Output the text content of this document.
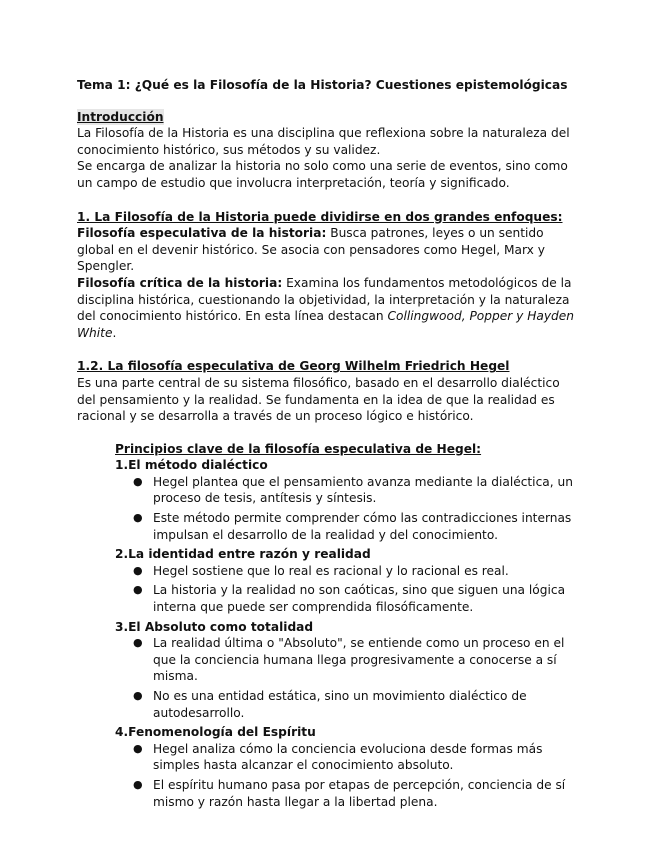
Tema 1: ¿Qué es la Filosofía de la Historia? Cuestiones epistemológicas

Introducción

La Filosofía de la Historia es una disciplina que reflexiona sobre la naturaleza del conocimiento histórico, sus métodos y su validez.

Se encarga de analizar la historia no solo como una serie de eventos, sino como un campo de estudio que involucra interpretación, teoría y significado.

1. La Filosofía de la Historia puede dividirse en dos grandes enfoques:

Filosofía especulativa de la historia: Busca patrones, leyes o un sentido global en el devenir histórico. Se asocia con pensadores como Hegel, Marx y Spengler.

Filosofía crítica de la historia: Examina los fundamentos metodológicos de la disciplina histórica, cuestionando la objetividad, la interpretación y la naturaleza del conocimiento histórico. En esta línea destacan Collingwood, Popper y Hayden White.

1.2. La filosofía especulativa de Georg Wilhelm Friedrich Hegel

Es una parte central de su sistema filosófico, basado en el desarrollo dialéctico del pensamiento y la realidad. Se fundamenta en la idea de que la realidad es racional y se desarrolla a través de un proceso lógico e histórico.

Principios clave de la filosofía especulativa de Hegel:

1.El método dialéctico

● Hegel plantea que el pensamiento avanza mediante la dialéctica, un proceso de tesis, antítesis y síntesis.
● Este método permite comprender cómo las contradicciones internas impulsan el desarrollo de la realidad y del conocimiento.

2.La identidad entre razón y realidad

● Hegel sostiene que lo real es racional y lo racional es real.
● La historia y la realidad no son caóticas, sino que siguen una lógica interna que puede ser comprendida filosóficamente.

3.El Absoluto como totalidad

● La realidad última o "Absoluto", se entiende como un proceso en el que la conciencia humana llega progresivamente a conocerse a sí misma.
● No es una entidad estática, sino un movimiento dialéctico de autodesarrollo.

4.Fenomenología del Espíritu

● Hegel analiza cómo la conciencia evoluciona desde formas más simples hasta alcanzar el conocimiento absoluto.
● El espíritu humano pasa por etapas de percepción, conciencia de sí mismo y razón hasta llegar a la libertad plena.
